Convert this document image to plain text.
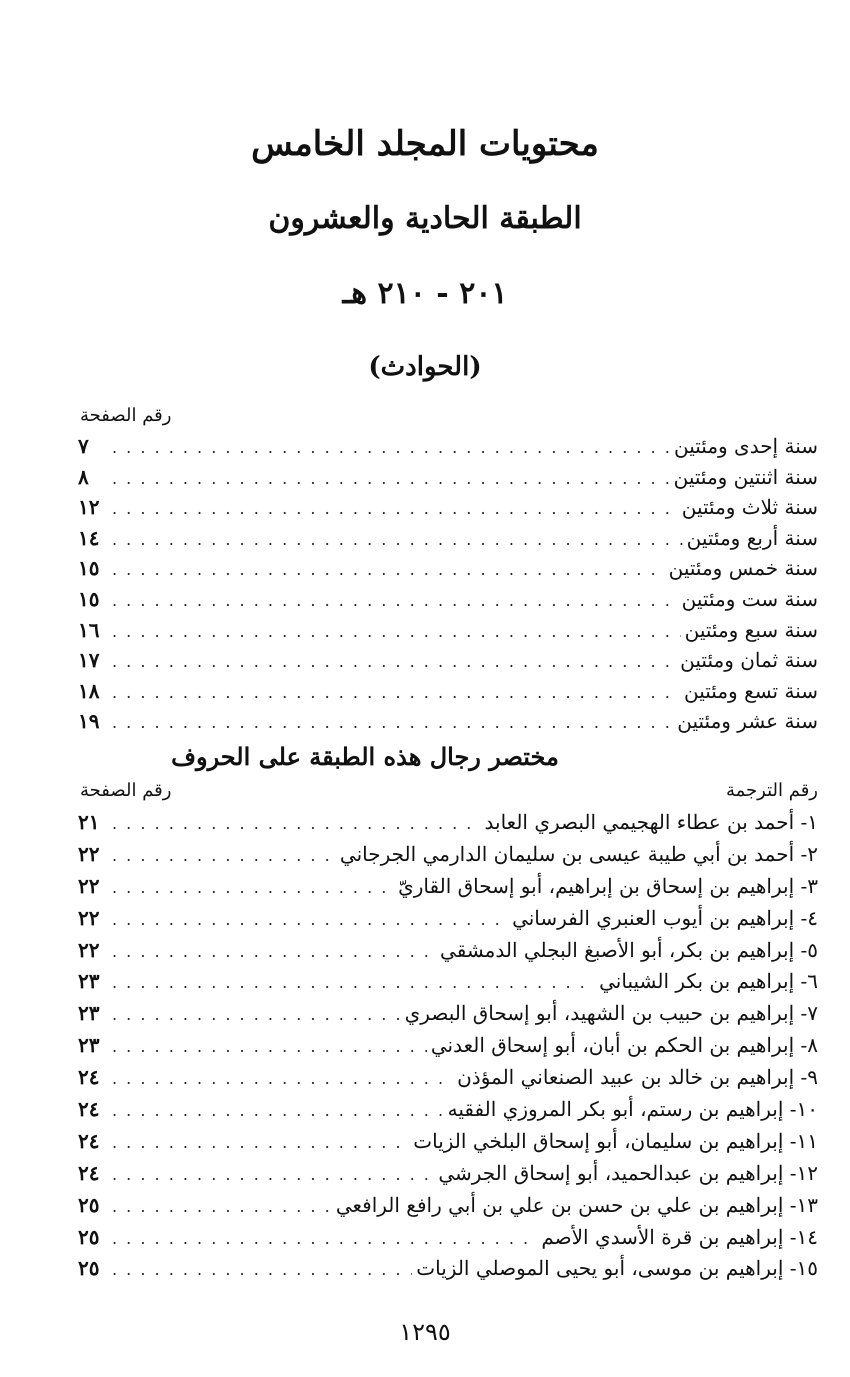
محتويات المجلد الخامس
الطبقة الحادية والعشرون
٢٠١ - ٢١٠ هـ
(الحوادث)
رقم الصفحة
سنة إحدى ومئتين
. . .
٧
سنة اثنتين ومئتين
. . .
٨
سنة ثلاث ومئتين
. . .
١٢
سنة أربع ومئتين
. . .
١٤
سنة خمس ومئتين
. . .
١٥
سنة ست ومئتين
. . .
١٥
سنة سبع ومئتين
. . .
١٦
سنة ثمان ومئتين
. . .
١٧
سنة تسع ومئتين
. . .
١٨
سنة عشر ومئتين
. . .
١٩
مختصر رجال هذه الطبقة على الحروف
رقم الترجمة
رقم الصفحة
١- أحمد بن عطاء الهجيمي البصري العابد
. . .
٢١
٢- أحمد بن أبي طيبة عيسى بن سليمان الدارمي الجرجاني
. . .
٢٢
٣- إبراهيم بن إسحاق بن إبراهيم، أبو إسحاق القاريّ
. . .
٢٢
٤- إبراهيم بن أيوب العنبري الفرساني
. . .
٢٢
٥- إبراهيم بن بكر، أبو الأصبغ البجلي الدمشقي
. . .
٢٢
٦- إبراهيم بن بكر الشيباني
. . .
٢٣
٧- إبراهيم بن حبيب بن الشهيد، أبو إسحاق البصري
. . .
٢٣
٨- إبراهيم بن الحكم بن أبان، أبو إسحاق العدني
. . .
٢٣
٩- إبراهيم بن خالد بن عبيد الصنعاني المؤذن
. . .
٢٤
١٠- إبراهيم بن رستم، أبو بكر المروزي الفقيه
. . .
٢٤
١١- إبراهيم بن سليمان، أبو إسحاق البلخي الزيات
. . .
٢٤
١٢- إبراهيم بن عبدالحميد، أبو إسحاق الجرشي
. . .
٢٤
١٣- إبراهيم بن علي بن حسن بن علي بن أبي رافع الرافعي
. . .
٢٥
١٤- إبراهيم بن قرة الأسدي الأصم
. . .
٢٥
١٥- إبراهيم بن موسى، أبو يحيى الموصلي الزيات
. . .
٢٥
١٢٩٥
